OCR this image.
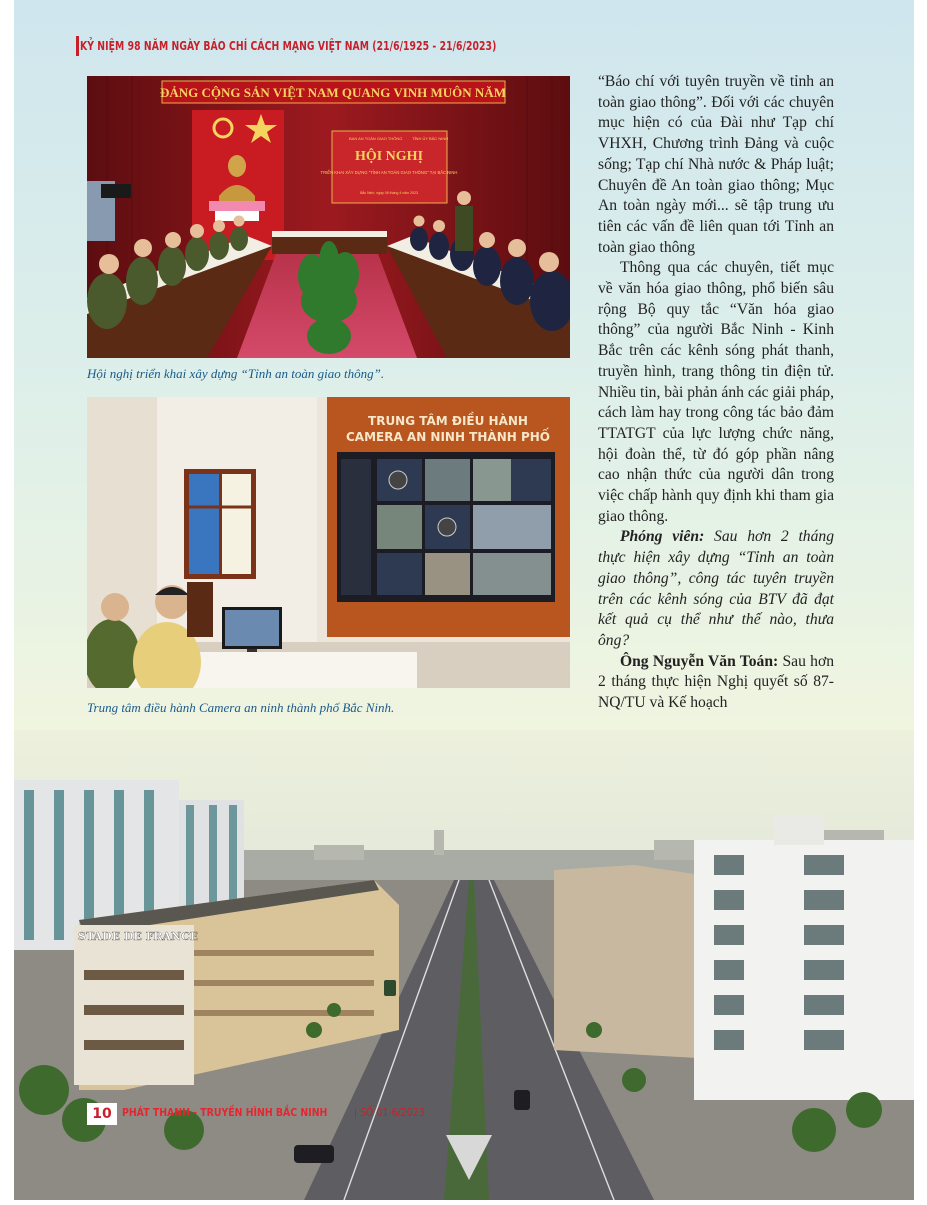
KỶ NIỆM 98 NĂM NGÀY BÁO CHÍ CÁCH MẠNG VIỆT NAM (21/6/1925 - 21/6/2023)
ĐẢNG CỘNG SẢN VIỆT NAM QUANG VINH MUÔN NĂM
BAN AN TOÀN GIAO THÔNG TỈNH ỦY BẮC NINH
HỘI NGHỊ
TRIỂN KHAI XÂY DỰNG "TỈNH AN TOÀN GIAO THÔNG" TẠI BẮC NINH
Bắc Ninh, ngày 06 tháng 4 năm 2023
Hội nghị triển khai xây dựng “Tỉnh an toàn giao thông”.
TRUNG TÂM ĐIỀU HÀNH
CAMERA AN NINH THÀNH PHỐ
Trung tâm điều hành Camera an ninh thành phố Bắc Ninh.

“Báo chí với tuyên truyền về tỉnh an toàn giao thông”. Đối với các chuyên mục hiện có của Đài như Tạp chí VHXH, Chương trình Đảng và cuộc sống; Tạp chí Nhà nước & Pháp luật; Chuyên đề An toàn giao thông; Mục An toàn ngày mới... sẽ tập trung ưu tiên các vấn đề liên quan tới Tỉnh an toàn giao thông

Thông qua các chuyên, tiết mục về văn hóa giao thông, phổ biến sâu rộng Bộ quy tắc “Văn hóa giao thông” của người Bắc Ninh - Kinh Bắc trên các kênh sóng phát thanh, truyền hình, trang thông tin điện tử. Nhiều tin, bài phản ánh các giải pháp, cách làm hay trong công tác bảo đảm TTATGT của lực lượng chức năng, hội đoàn thể, từ đó góp phần nâng cao nhận thức của người dân trong việc chấp hành quy định khi tham gia giao thông.

Phóng viên: Sau hơn 2 tháng thực hiện xây dựng “Tỉnh an toàn giao thông”, công tác tuyên truyền trên các kênh sóng của BTV đã đạt kết quả cụ thể như thế nào, thưa ông?

Ông Nguyễn Văn Toán: Sau hơn 2 tháng thực hiện Nghị quyết số 87-NQ/TU và Kế hoạch

STADE DE FRANCE
10 PHÁT THANH - TRUYỀN HÌNH BẮC NINH | SỐ 01-6/2023
